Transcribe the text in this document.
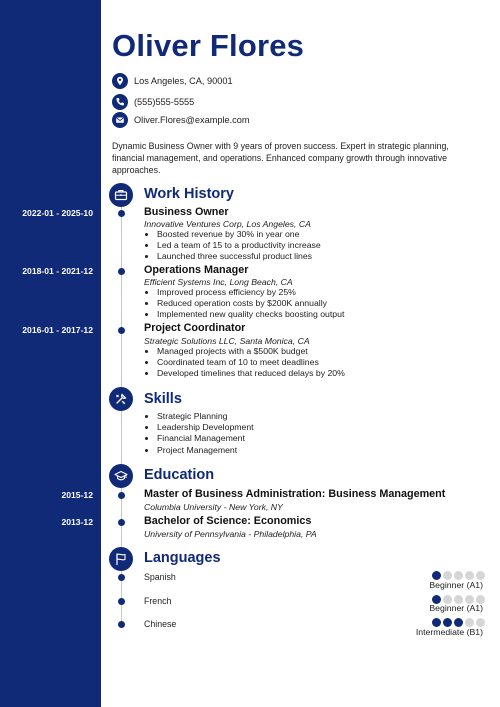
Oliver Flores
Los Angeles, CA, 90001
(555)555-5555
Oliver.Flores@example.com
Dynamic Business Owner with 9 years of proven success. Expert in strategic planning, financial management, and operations. Enhanced company growth through innovative approaches.
Work History
2022-01 - 2025-10	Business Owner
Innovative Ventures Corp, Los Angeles, CA
• Boosted revenue by 30% in year one
• Led a team of 15 to a productivity increase
• Launched three successful product lines
2018-01 - 2021-12	Operations Manager
Efficient Systems Inc, Long Beach, CA
• Improved process efficiency by 25%
• Reduced operation costs by $200K annually
• Implemented new quality checks boosting output
2016-01 - 2017-12	Project Coordinator
Strategic Solutions LLC, Santa Monica, CA
• Managed projects with a $500K budget
• Coordinated team of 10 to meet deadlines
• Developed timelines that reduced delays by 20%
Skills
• Strategic Planning
• Leadership Development
• Financial Management
• Project Management
Education
2015-12	Master of Business Administration: Business Management
Columbia University - New York, NY
2013-12	Bachelor of Science: Economics
University of Pennsylvania - Philadelphia, PA
Languages
Spanish
Beginner (A1)
French
Beginner (A1)
Chinese
Intermediate (B1)
